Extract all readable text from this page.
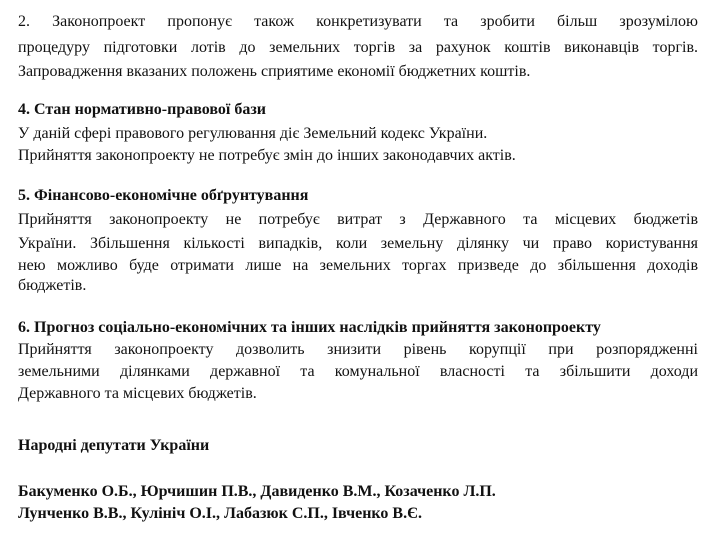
2. Законопроект пропонує також конкретизувати та зробити більш зрозумілою
процедуру підготовки лотів до земельних торгів за рахунок коштів виконавців торгів.
Запровадження вказаних положень сприятиме економії бюджетних коштів.
4. Стан нормативно-правової бази
У даній сфері правового регулювання діє Земельний кодекс України.
Прийняття законопроекту не потребує змін до інших законодавчих актів.
5. Фінансово-економічне обґрунтування
Прийняття законопроекту не потребує витрат з Державного та місцевих бюджетів
України. Збільшення кількості випадків, коли земельну ділянку чи право користування
нею можливо буде отримати лише на земельних торгах призведе до збільшення доходів
бюджетів.
6. Прогноз соціально-економічних та інших наслідків прийняття законопроекту
Прийняття законопроекту дозволить знизити рівень корупції при розпорядженні
земельними ділянками державної та комунальної власності та збільшити доходи
Державного та місцевих бюджетів.
Народні депутати України
Бакуменко О.Б., Юрчишин П.В., Давиденко В.М., Козаченко Л.П.
Лунченко В.В., Кулініч О.І., Лабазюк С.П., Івченко В.Є.
